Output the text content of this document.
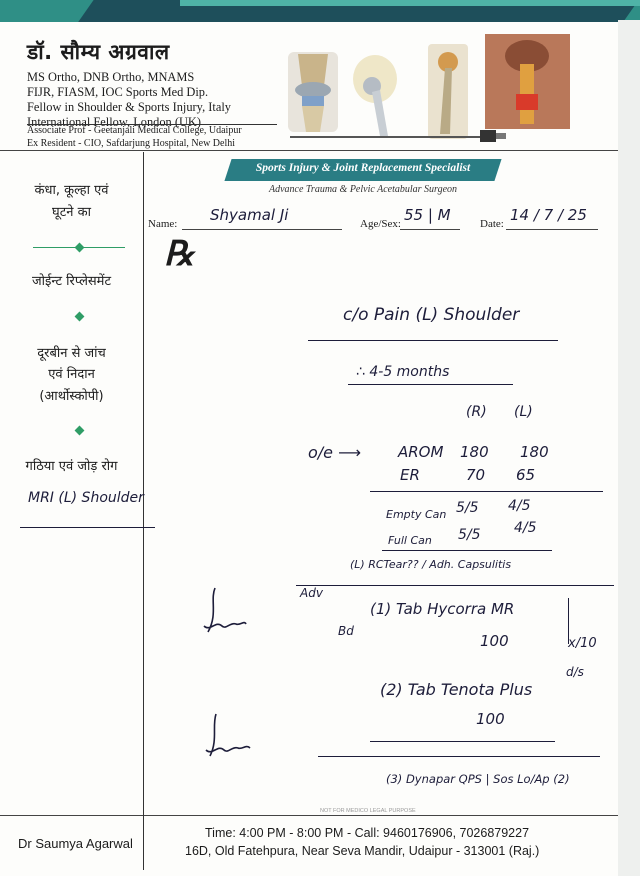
डॉ. सौम्य अग्रवाल
MS Ortho, DNB Ortho, MNAMS
FIJR, FIASM, IOC Sports Med Dip.
Fellow in Shoulder & Sports Injury, Italy
International Fellow, London (UK)
Associate Prof - Geetanjali Medical College, Udaipur
Ex Resident - CIO, Safdarjung Hospital, New Delhi
Sports Injury & Joint Replacement Specialist
Advance Trauma & Pelvic Acetabular Surgeon
कंधा, कूल्हा एवं
घूटने का
जोईन्ट रिप्लेसमेंट
दूरबीन से जांच
एवं निदान
(आर्थोस्कोपी)
गठिया एवं जोड़ रोग
MRI (L) Shoulder
Name: Shyamal Ji	Age/Sex: 55 | M	Date: 14 / 7 / 25
℞
c/o Pain (L) Shoulder
∴ 4-5 months
(R) (L)
o/e ⟶ AROM 180 180
ER	70 65
Empty Can 5/5 4/5
Full Can 5/5 4/5
Adv
(L) RCTear?? / Adh. Capsulitis
(1) Tab Hycorra MR
Bd
100	x/10
(2) Tab Tenota Plus
d/s
100
(3) Dynapar QPS | Sos Lo/Ap (2)
NOT FOR MEDICO LEGAL PURPOSE
Dr Saumya Agarwal
Time: 4:00 PM - 8:00 PM - Call: 9460176906, 7026879227
16D, Old Fatehpura, Near Seva Mandir, Udaipur - 313001 (Raj.)
